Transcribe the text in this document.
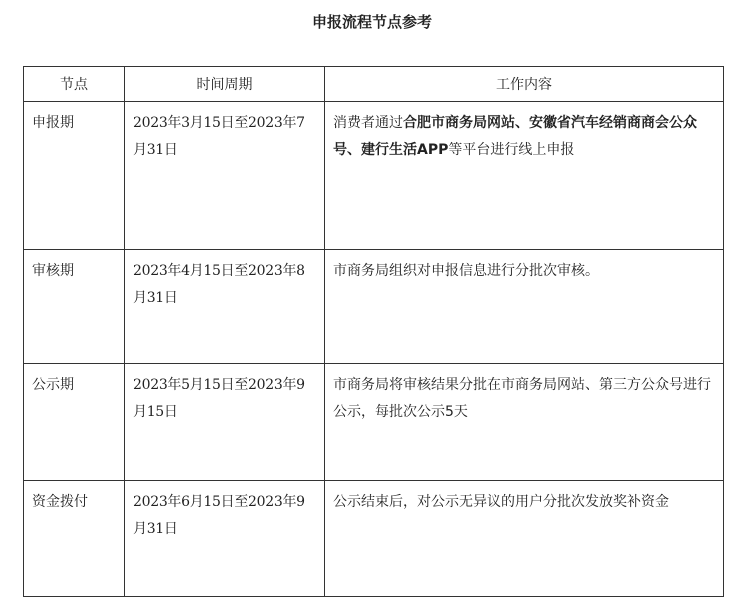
申报流程节点参考
节点	时间周期	工作内容
申报期	2023年3月15日至2023年7月31日	消费者通过合肥市商务局网站、安徽省汽车经销商商会公众号、建行生活APP等平台进行线上申报
审核期	2023年4月15日至2023年8月31日	市商务局组织对申报信息进行分批次审核。
公示期	2023年5月15日至2023年9月15日	市商务局将审核结果分批在市商务局网站、第三方公众号进行公示，每批次公示5天
资金拨付	2023年6月15日至2023年9月31日	公示结束后，对公示无异议的用户分批次发放奖补资金
